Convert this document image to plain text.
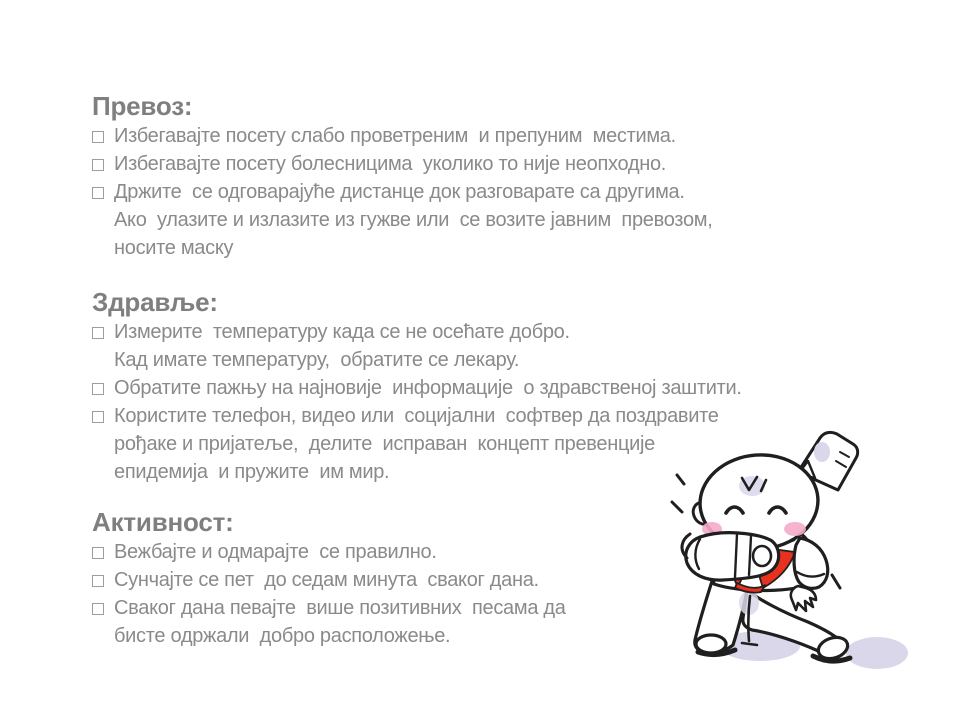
Превоз:
Избегавајте посету слабо проветреним  и препуним  местима.
Избегавајте посету болесницима  уколико то није неопходно.
Држите  се одговарајуће дистанце док разговарате са другима.
Ако  улазите и излазите из гужве или  се возите јавним  превозом,
носите маску
Здравље:
Измерите  температуру када се не осећате добро.
Кад имате температуру,  обратите се лекару.
Обратите пажњу на најновије  информације  о здравственој заштити.
Користите телефон, видео или  социјални  софтвер да поздравите
рођаке и пријатеље,  делите  исправан  концепт превенције
епидемија  и пружите  им мир.
Активност:
Вежбајте и одмарајте  се правилно.
Сунчајте се пет  до седам минута  сваког дана.
Сваког дана певајте  више позитивних  песама да
бисте одржали  добро расположење.
